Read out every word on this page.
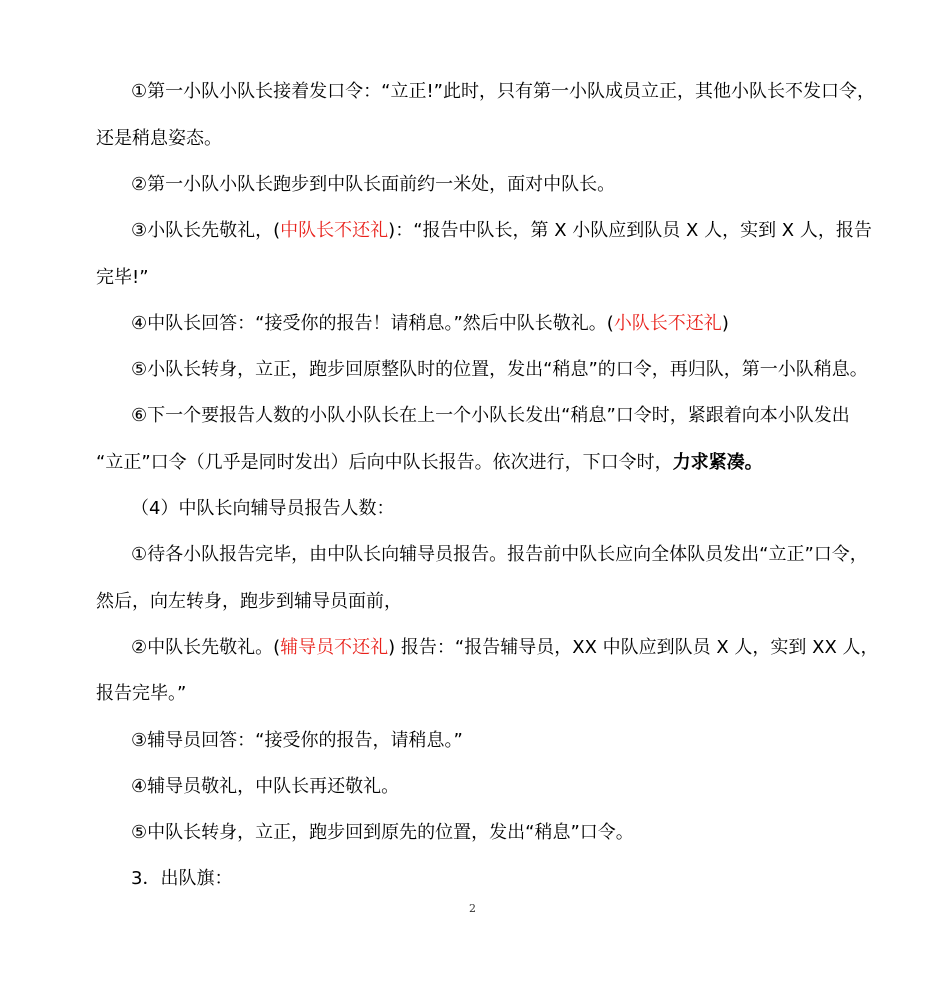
①第一小队小队长接着发口令：“立正!”此时，只有第一小队成员立正，其他小队长不发口令，
还是稍息姿态。
②第一小队小队长跑步到中队长面前约一米处，面对中队长。
③小队长先敬礼，(中队长不还礼)：“报告中队长，第 X 小队应到队员 X 人，实到 X 人，报告
完毕!”
④中队长回答：“接受你的报告！请稍息。”然后中队长敬礼。(小队长不还礼)
⑤小队长转身，立正，跑步回原整队时的位置，发出“稍息”的口令，再归队，第一小队稍息。
⑥下一个要报告人数的小队小队长在上一个小队长发出“稍息”口令时，紧跟着向本小队发出
“立正”口令（几乎是同时发出）后向中队长报告。依次进行，下口令时，力求紧凑。
（4）中队长向辅导员报告人数：
①待各小队报告完毕，由中队长向辅导员报告。报告前中队长应向全体队员发出“立正”口令，
然后，向左转身，跑步到辅导员面前，
②中队长先敬礼。(辅导员不还礼) 报告：“报告辅导员，XX 中队应到队员 X 人，实到 XX 人，
报告完毕。”
③辅导员回答：“接受你的报告，请稍息。”
④辅导员敬礼，中队长再还敬礼。
⑤中队长转身，立正，跑步回到原先的位置，发出“稍息”口令。
3．出队旗：
2
